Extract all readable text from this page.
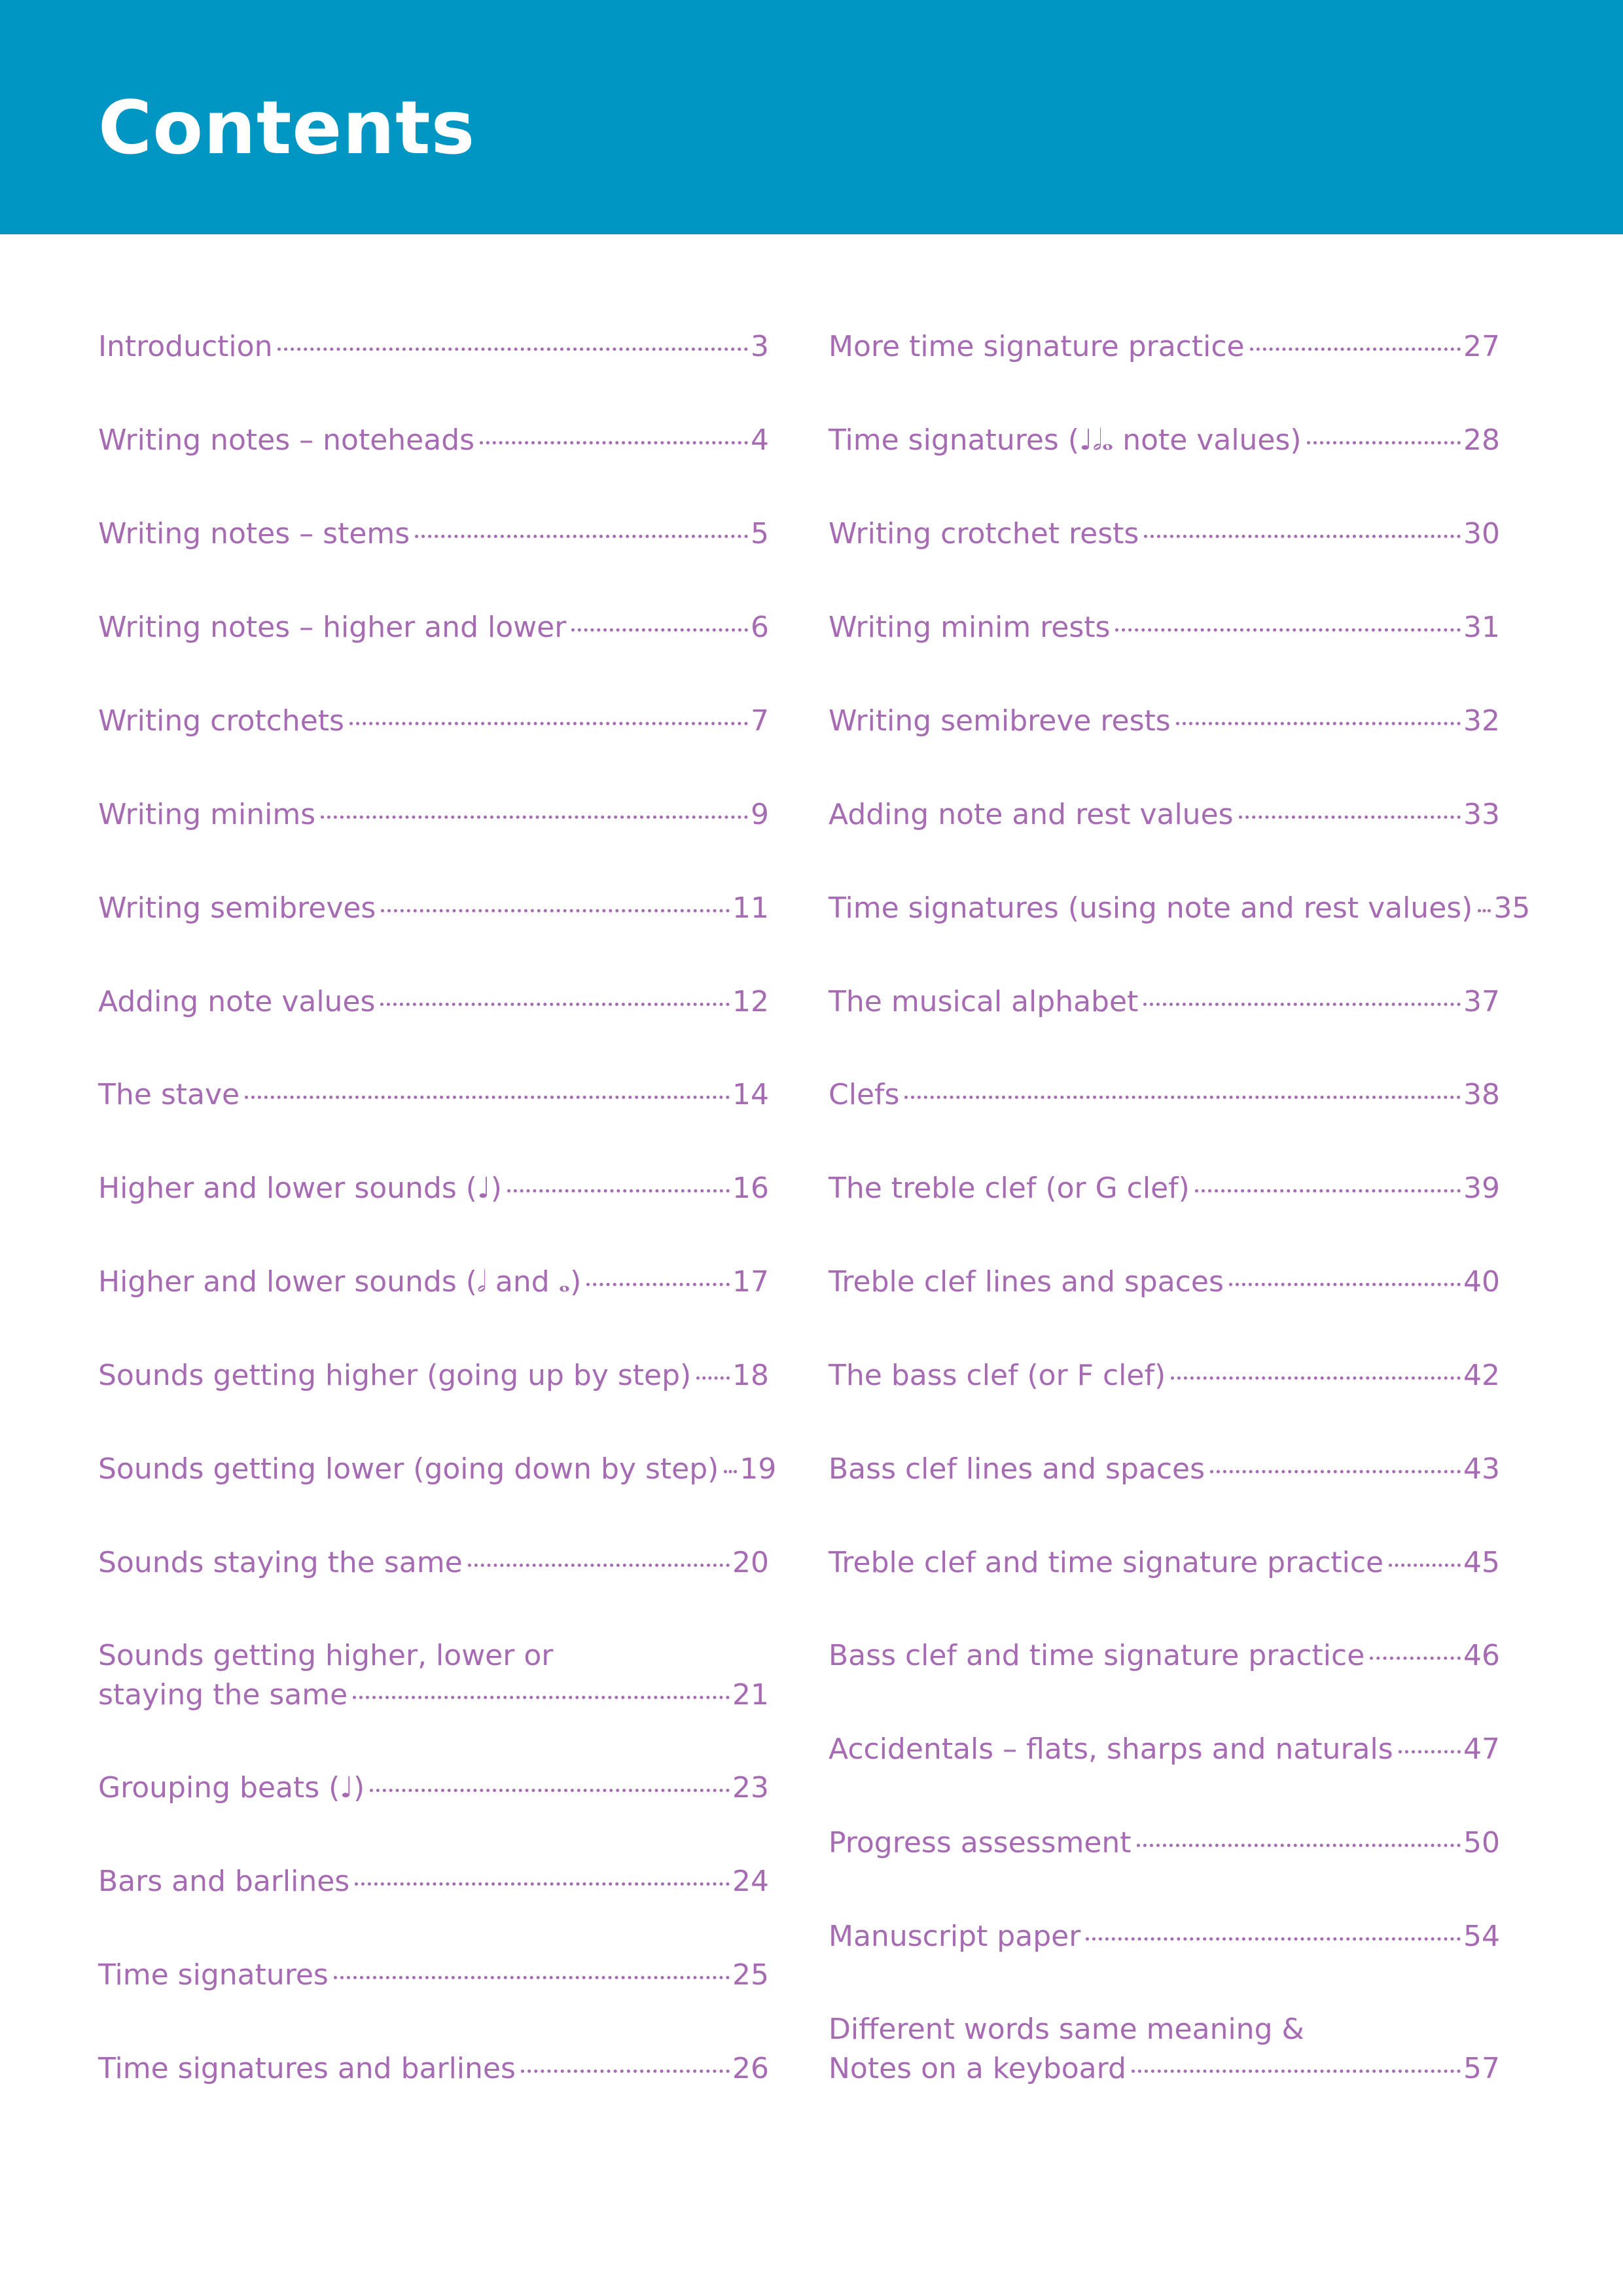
Contents
Introduction	3
Writing notes – noteheads	4
Writing notes – stems	5
Writing notes – higher and lower	6
Writing crotchets	7
Writing minims	9
Writing semibreves	11
Adding note values	12
The stave	14
Higher and lower sounds (♩)	16
Higher and lower sounds (𝅗𝅥 and 𝅝)	17
Sounds getting higher (going up by step) 18
Sounds getting lower (going down by step) 19
Sounds staying the same	20
Sounds getting higher, lower or
staying the same	21
Grouping beats (♩)	23
Bars and barlines	24
Time signatures	25
Time signatures and barlines	26
More time signature practice	27
Time signatures (♩𝅗𝅥𝅝 note values)	28
Writing crotchet rests	30
Writing minim rests	31
Writing semibreve rests	32
Adding note and rest values	33
Time signatures (using note and rest values) 35
The musical alphabet	37
Clefs	38
The treble clef (or G clef)	39
Treble clef lines and spaces	40
The bass clef (or F clef)	42
Bass clef lines and spaces	43
Treble clef and time signature practice	45
Bass clef and time signature practice	46
Accidentals – flats, sharps and naturals 47
Progress assessment	50
Manuscript paper	54
Different words same meaning &
Notes on a keyboard	57
